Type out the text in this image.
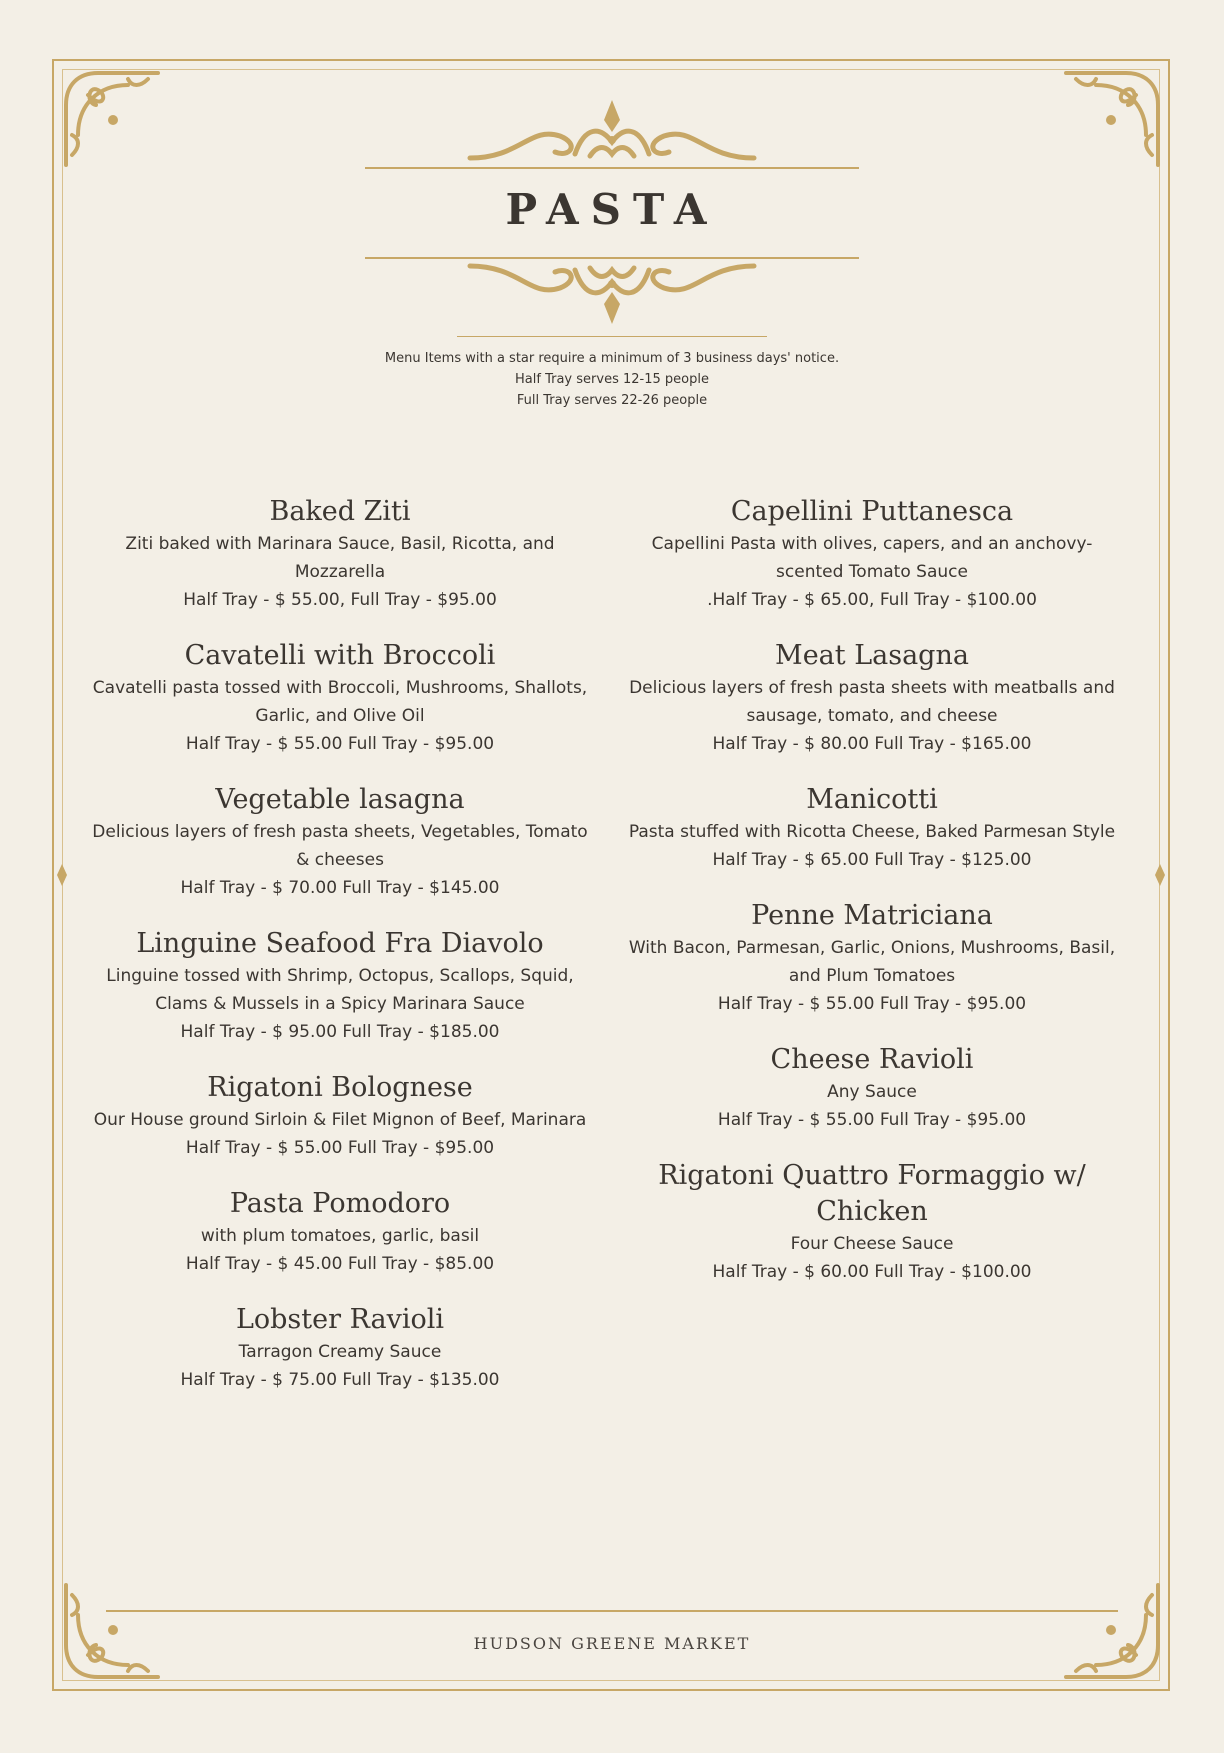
PASTA
Menu Items with a star require a minimum of 3 business days' notice.
Half Tray serves 12-15 people
Full Tray serves 22-26 people

Baked Ziti

Ziti baked with Marinara Sauce, Basil, Ricotta, and Mozzarella

Half Tray - $ 55.00, Full Tray - $95.00

Cavatelli with Broccoli

Cavatelli pasta tossed with Broccoli, Mushrooms, Shallots, Garlic, and Olive Oil

Half Tray - $ 55.00 Full Tray - $95.00

Vegetable lasagna

Delicious layers of fresh pasta sheets, Vegetables, Tomato & cheeses

Half Tray - $ 70.00 Full Tray - $145.00

Linguine Seafood Fra Diavolo

Linguine tossed with Shrimp, Octopus, Scallops, Squid, Clams & Mussels in a Spicy Marinara Sauce

Half Tray - $ 95.00 Full Tray - $185.00

Rigatoni Bolognese

Our House ground Sirloin & Filet Mignon of Beef, Marinara

Half Tray - $ 55.00 Full Tray - $95.00

Pasta Pomodoro

with plum tomatoes, garlic, basil

Half Tray - $ 45.00 Full Tray - $85.00

Lobster Ravioli

Tarragon Creamy Sauce

Half Tray - $ 75.00 Full Tray - $135.00

Capellini Puttanesca

Capellini Pasta with olives, capers, and an anchovy-scented Tomato Sauce

.Half Tray - $ 65.00, Full Tray - $100.00

Meat Lasagna

Delicious layers of fresh pasta sheets with meatballs and sausage, tomato, and cheese

Half Tray - $ 80.00 Full Tray - $165.00

Manicotti

Pasta stuffed with Ricotta Cheese, Baked Parmesan Style

Half Tray - $ 65.00 Full Tray - $125.00

Penne Matriciana

With Bacon, Parmesan, Garlic, Onions, Mushrooms, Basil, and Plum Tomatoes

Half Tray - $ 55.00 Full Tray - $95.00

Cheese Ravioli

Any Sauce

Half Tray - $ 55.00 Full Tray - $95.00

Rigatoni Quattro Formaggio w/ Chicken

Four Cheese Sauce

Half Tray - $ 60.00 Full Tray - $100.00

HUDSON GREENE MARKET
